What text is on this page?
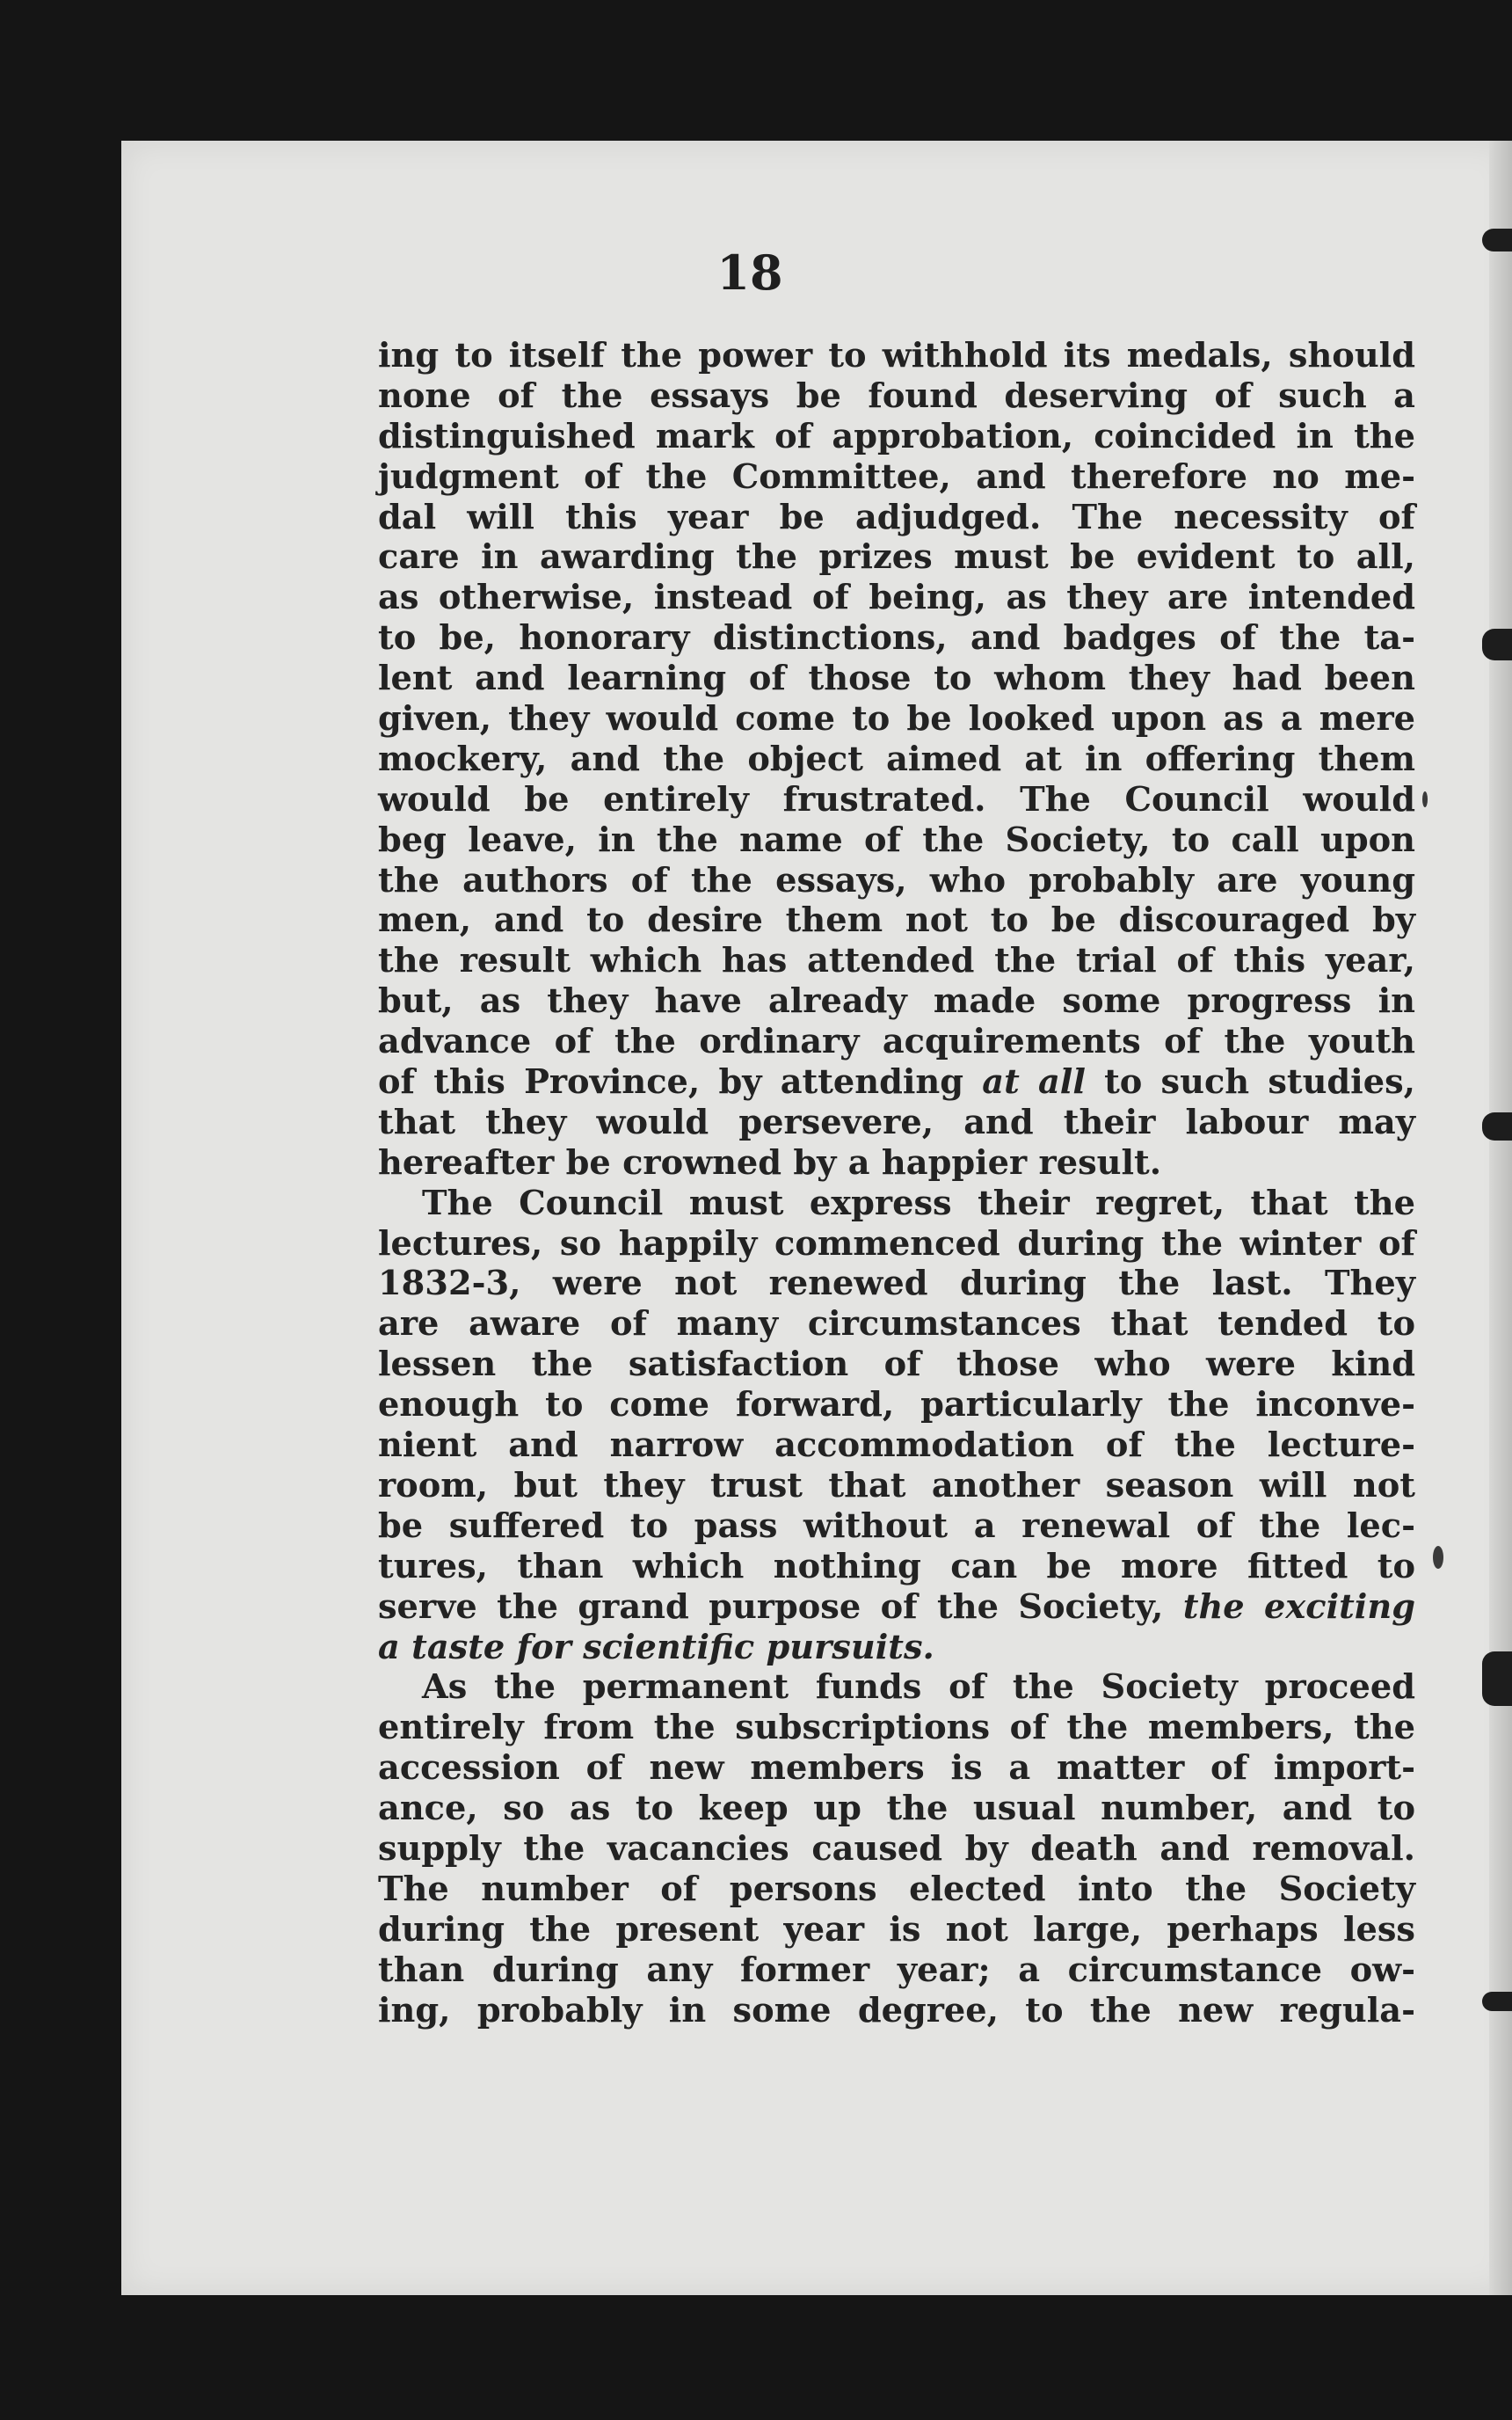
18
ing to itself the power to withhold its medals, should
none of the essays be found deserving of such a
distinguished mark of approbation, coincided in the
judgment of the Committee, and therefore no me-
dal will this year be adjudged. The necessity of
care in awarding the prizes must be evident to all,
as otherwise, instead of being, as they are intended
to be, honorary distinctions, and badges of the ta-
lent and learning of those to whom they had been
given, they would come to be looked upon as a mere
mockery, and the object aimed at in offering them
would be entirely frustrated. The Council would
beg leave, in the name of the Society, to call upon
the authors of the essays, who probably are young
men, and to desire them not to be discouraged by
the result which has attended the trial of this year,
but, as they have already made some progress in
advance of the ordinary acquirements of the youth
of this Province, by attending at all to such studies,
that they would persevere, and their labour may
hereafter be crowned by a happier result.
The Council must express their regret, that the
lectures, so happily commenced during the winter of
1832-3, were not renewed during the last. They
are aware of many circumstances that tended to
lessen the satisfaction of those who were kind
enough to come forward, particularly the inconve-
nient and narrow accommodation of the lecture-
room, but they trust that another season will not
be suffered to pass without a renewal of the lec-
tures, than which nothing can be more fitted to
serve the grand purpose of the Society, the exciting
a taste for scientific pursuits.
As the permanent funds of the Society proceed
entirely from the subscriptions of the members, the
accession of new members is a matter of import-
ance, so as to keep up the usual number, and to
supply the vacancies caused by death and removal.
The number of persons elected into the Society
during the present year is not large, perhaps less
than during any former year; a circumstance ow-
ing, probably in some degree, to the new regula-
